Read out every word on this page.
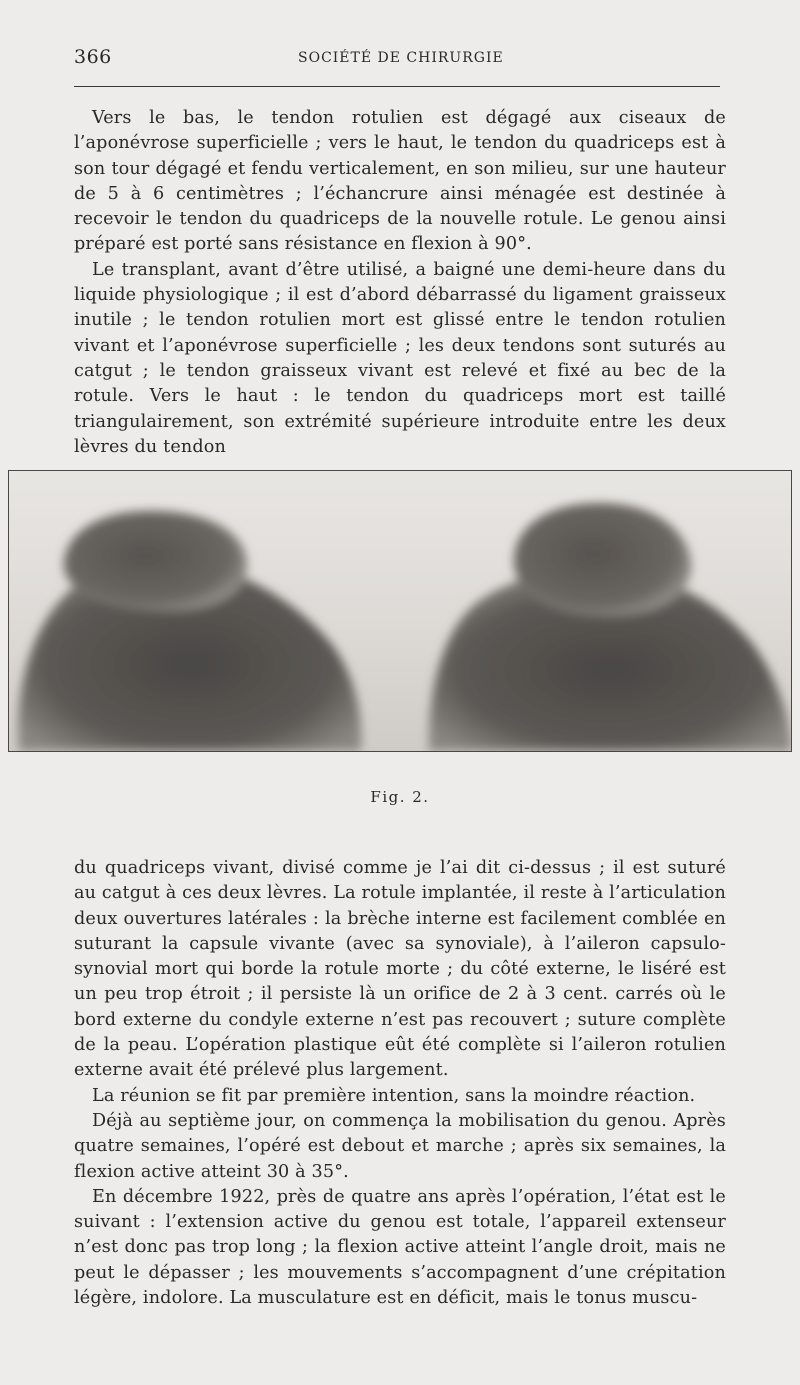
366	SOCIÉTÉ DE CHIRURGIE

Vers le bas, le tendon rotulien est dégagé aux ciseaux de l’aponévrose superficielle ; vers le haut, le tendon du quadriceps est à son tour dégagé et fendu verticalement, en son milieu, sur une hauteur de 5 à 6 centimètres ; l’échancrure ainsi ménagée est destinée à recevoir le tendon du quadriceps de la nouvelle rotule. Le genou ainsi préparé est porté sans résistance en flexion à 90°.

Le transplant, avant d’être utilisé, a baigné une demi-heure dans du liquide physiologique ; il est d’abord débarrassé du ligament graisseux inutile ; le tendon rotulien mort est glissé entre le tendon rotulien vivant et l’aponévrose superficielle ; les deux tendons sont suturés au catgut ; le tendon graisseux vivant est relevé et fixé au bec de la rotule. Vers le haut : le tendon du quadriceps mort est taillé triangulairement, son extrémité supérieure introduite entre les deux lèvres du tendon

Fig. 2.

du quadriceps vivant, divisé comme je l’ai dit ci-dessus ; il est suturé au catgut à ces deux lèvres. La rotule implantée, il reste à l’articulation deux ouvertures latérales : la brèche interne est facilement comblée en suturant la capsule vivante (avec sa synoviale), à l’aileron capsulo-synovial mort qui borde la rotule morte ; du côté externe, le liséré est un peu trop étroit ; il persiste là un orifice de 2 à 3 cent. carrés où le bord externe du condyle externe n’est pas recouvert ; suture complète de la peau. L’opération plastique eût été complète si l’aileron rotulien externe avait été prélevé plus largement.

La réunion se fit par première intention, sans la moindre réaction.

Déjà au septième jour, on commença la mobilisation du genou. Après quatre semaines, l’opéré est debout et marche ; après six semaines, la flexion active atteint 30 à 35°.

En décembre 1922, près de quatre ans après l’opération, l’état est le suivant : l’extension active du genou est totale, l’appareil extenseur n’est donc pas trop long ; la flexion active atteint l’angle droit, mais ne peut le dépasser ; les mouvements s’accompagnent d’une crépitation légère, indolore. La musculature est en déficit, mais le tonus muscu-
